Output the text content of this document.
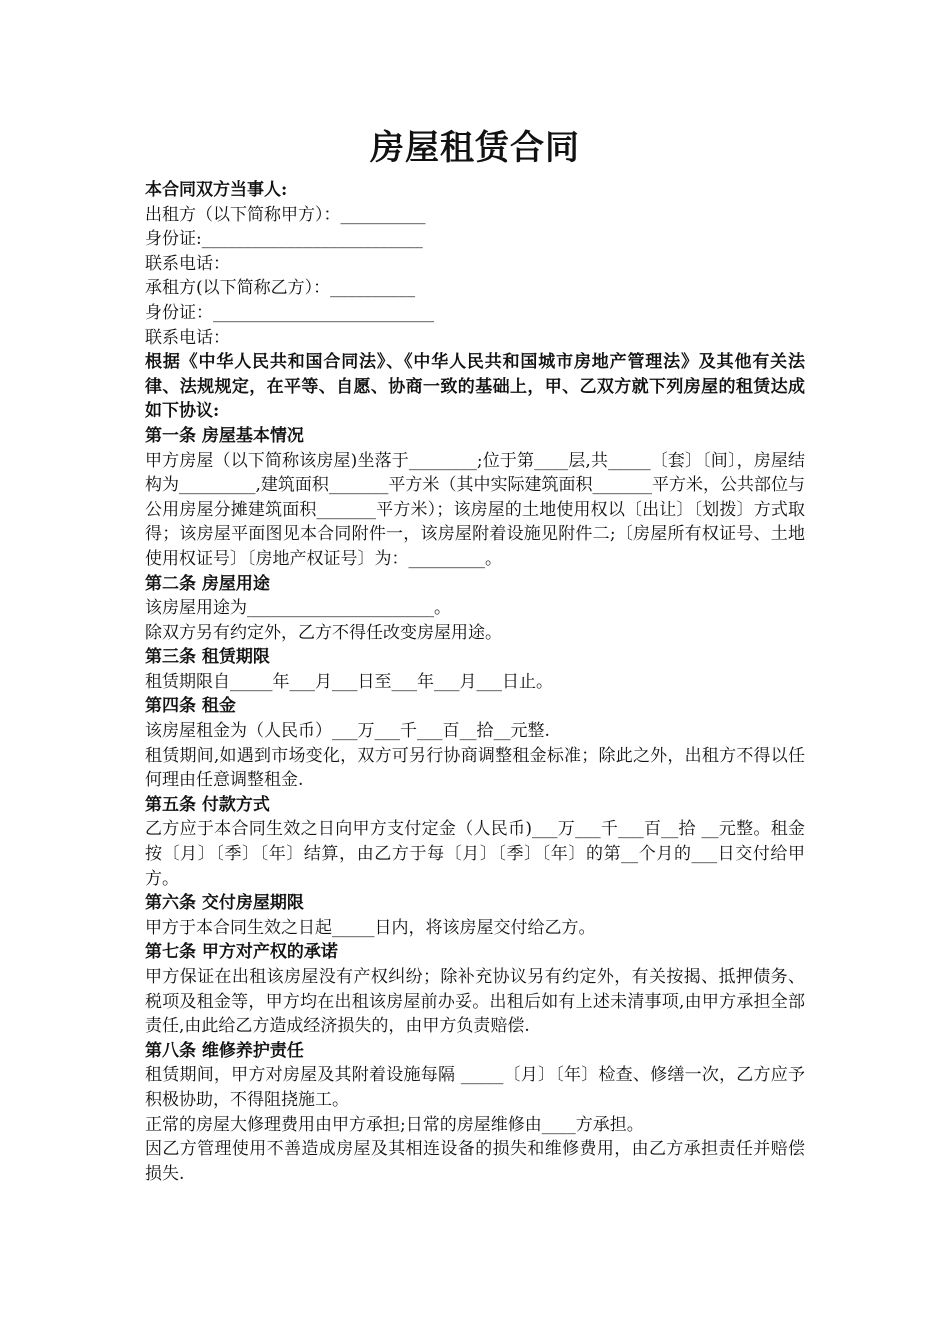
房屋租赁合同

本合同双方当事人:

出租方（以下简称甲方）：__________

身份证:__________________________

联系电话：

承租方(以下简称乙方）：__________

身份证：__________________________

联系电话：

根据《中华人民共和国合同法》、《中华人民共和国城市房地产管理法》及其他有关法律、法规规定，在平等、自愿、协商一致的基础上，甲、乙双方就下列房屋的租赁达成如下协议:

第一条 房屋基本情况

甲方房屋（以下简称该房屋)坐落于________;位于第____层,共_____〔套〕〔间〕，房屋结构为_________,建筑面积_______平方米（其中实际建筑面积_______平方米，公共部位与公用房屋分摊建筑面积_______平方米）；该房屋的土地使用权以〔出让〕〔划拨〕方式取得；该房屋平面图见本合同附件一，该房屋附着设施见附件二;〔房屋所有权证号、土地使用权证号〕〔房地产权证号〕为：_________。

第二条 房屋用途

该房屋用途为______________________。

除双方另有约定外，乙方不得任改变房屋用途。

第三条 租赁期限

租赁期限自_____年___月___日至___年___月___日止。

第四条 租金

该房屋租金为（人民币）___万___千___百__拾__元整.

租赁期间,如遇到市场变化，双方可另行协商调整租金标准；除此之外，出租方不得以任何理由任意调整租金.

第五条 付款方式

乙方应于本合同生效之日向甲方支付定金（人民币)___万___千___百__拾 __元整。租金按〔月〕〔季〕〔年〕结算，由乙方于每〔月〕〔季〕〔年〕的第__个月的___日交付给甲方。

第六条 交付房屋期限

甲方于本合同生效之日起_____日内，将该房屋交付给乙方。

第七条 甲方对产权的承诺

甲方保证在出租该房屋没有产权纠纷；除补充协议另有约定外，有关按揭、抵押债务、税项及租金等，甲方均在出租该房屋前办妥。出租后如有上述未清事项,由甲方承担全部责任,由此给乙方造成经济损失的，由甲方负责赔偿.

第八条 维修养护责任

租赁期间，甲方对房屋及其附着设施每隔 _____〔月〕〔年〕检查、修缮一次，乙方应予积极协助，不得阻挠施工。

正常的房屋大修理费用由甲方承担;日常的房屋维修由____方承担。

因乙方管理使用不善造成房屋及其相连设备的损失和维修费用，由乙方承担责任并赔偿损失.
